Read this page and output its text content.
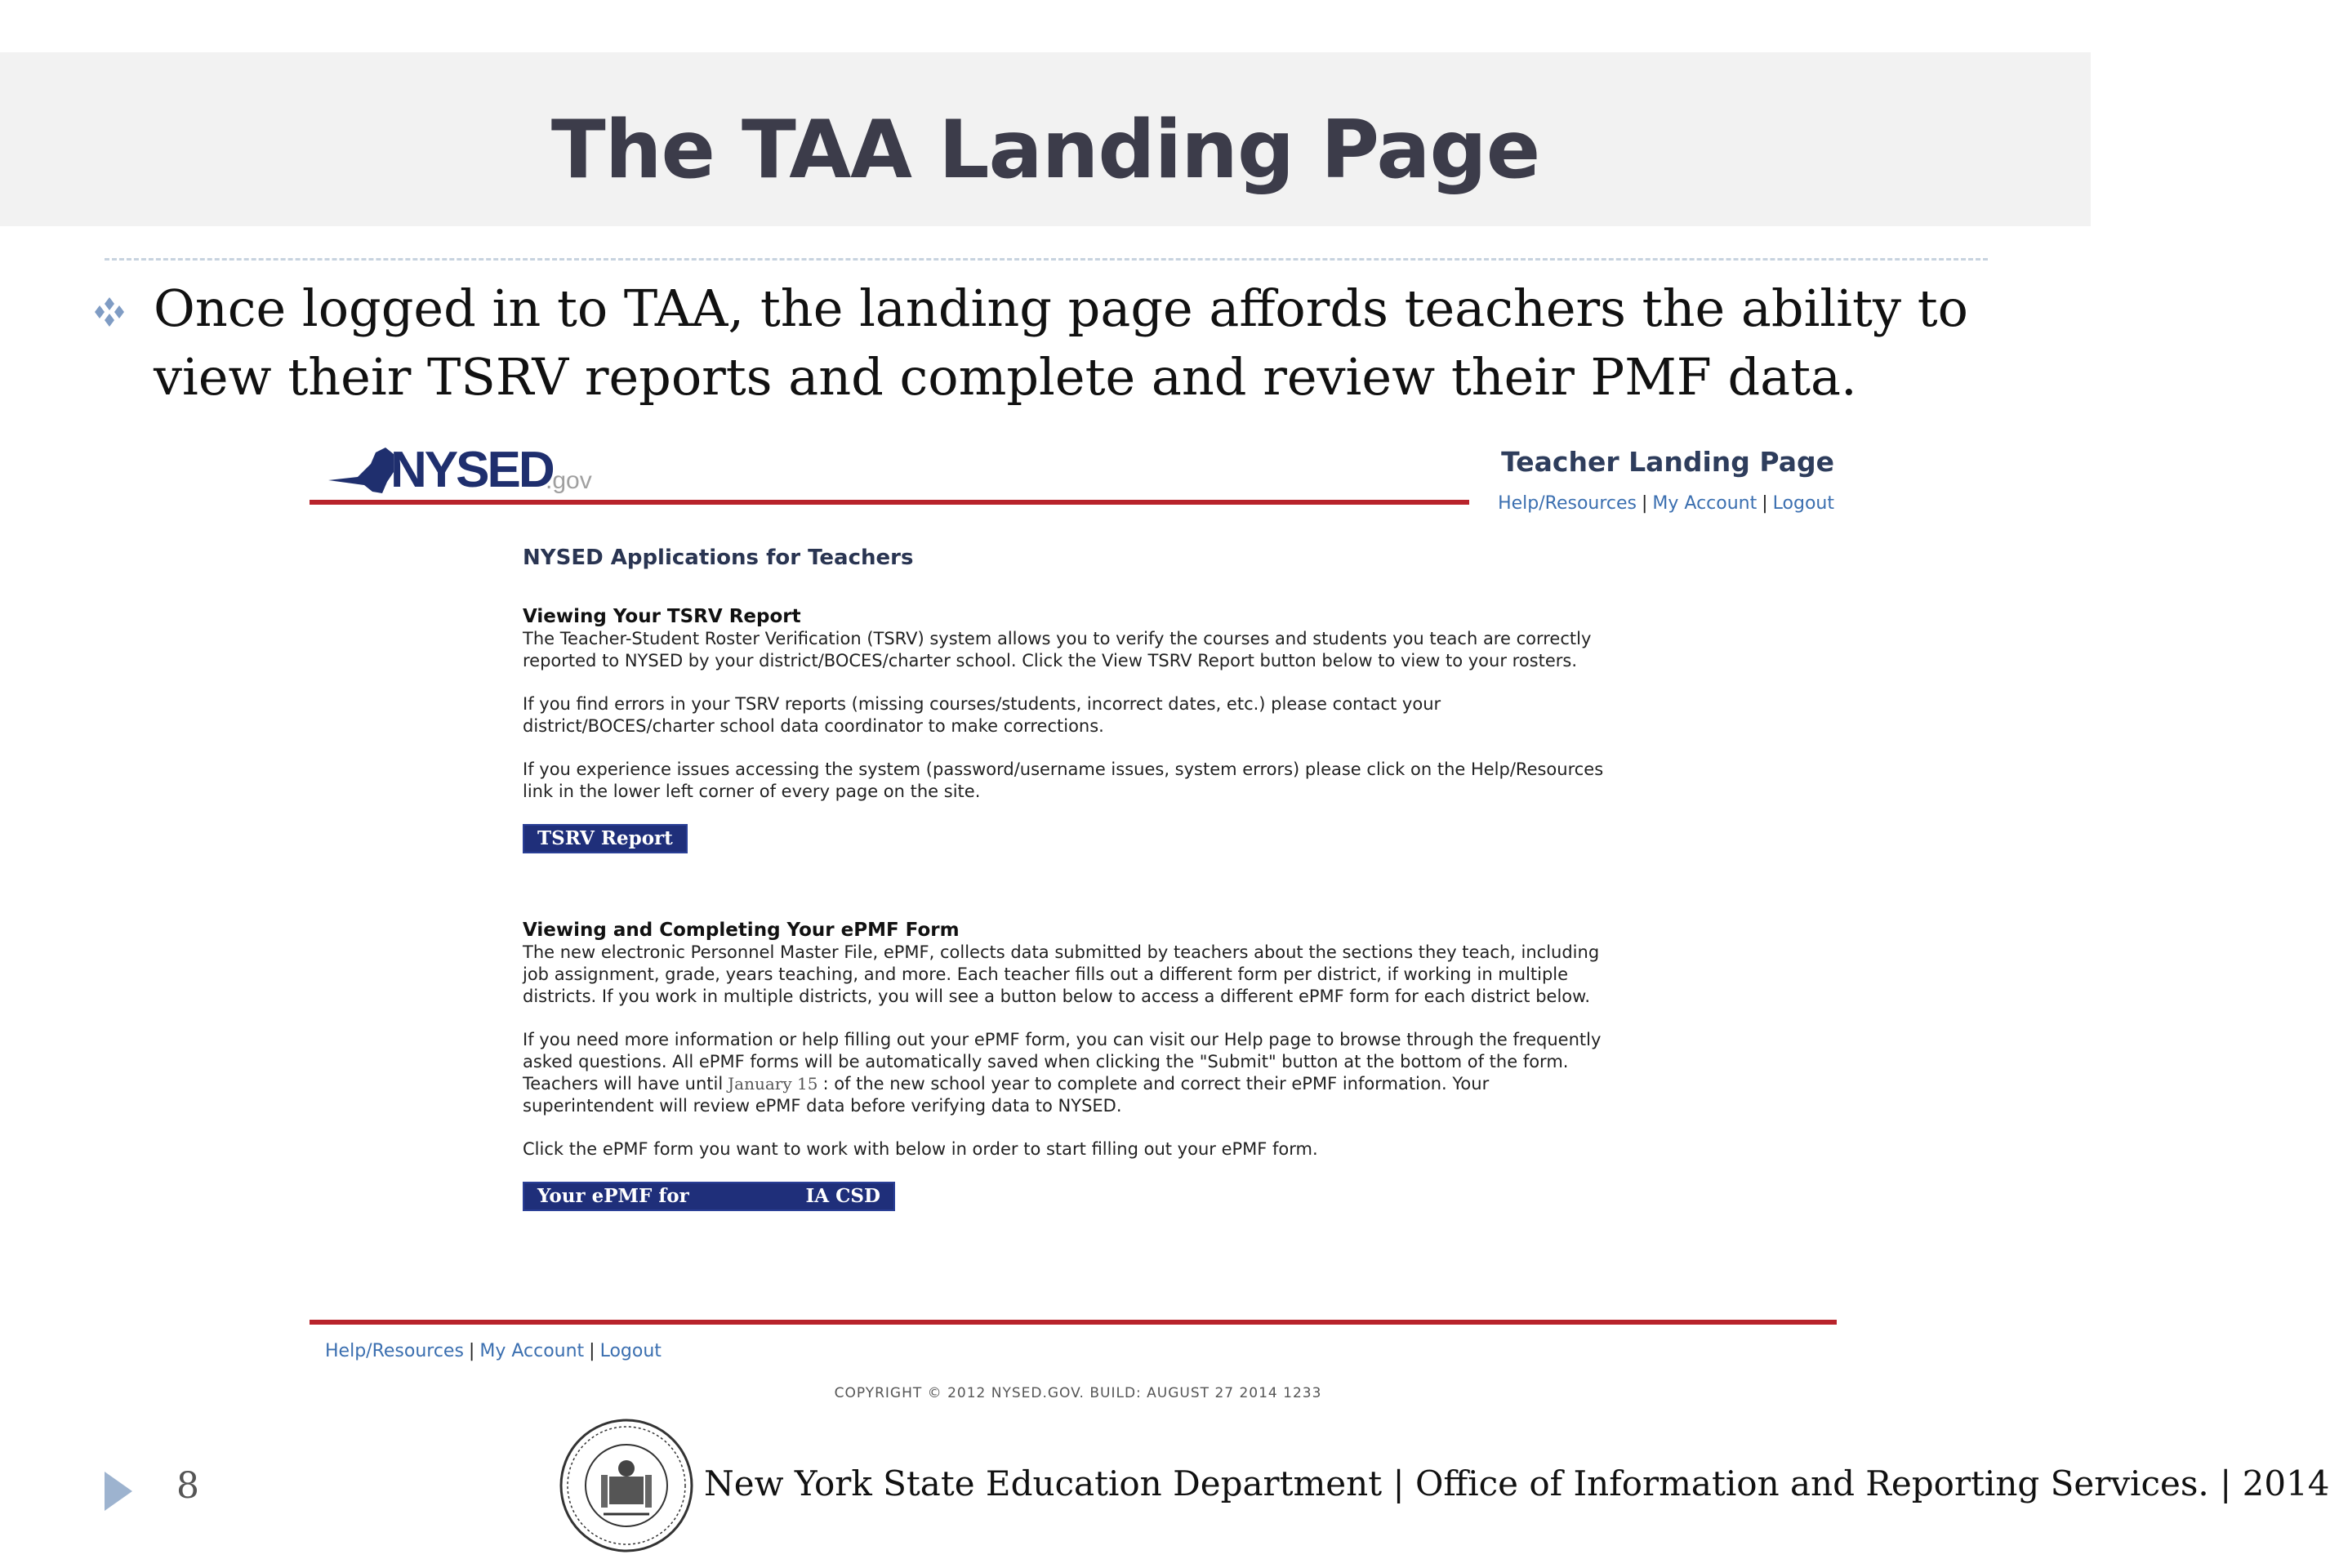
The TAA Landing Page
Once logged in to TAA, the landing page affords teachers the ability to view their TSRV reports and complete and review their PMF data.
NYSED
.gov
Teacher Landing Page
Help/Resources | My Account | Logout

NYSED Applications for Teachers

Viewing Your TSRV Report

The Teacher-Student Roster Verification (TSRV) system allows you to verify the courses and students you teach are correctly reported to NYSED by your district/BOCES/charter school. Click the View TSRV Report button below to view to your rosters.

If you find errors in your TSRV reports (missing courses/students, incorrect dates, etc.) please contact your district/BOCES/charter school data coordinator to make corrections.

If you experience issues accessing the system (password/username issues, system errors) please click on the Help/Resources link in the lower left corner of every page on the site.

TSRV Report

Viewing and Completing Your ePMF Form

The new electronic Personnel Master File, ePMF, collects data submitted by teachers about the sections they teach, including job assignment, grade, years teaching, and more. Each teacher fills out a different form per district, if working in multiple districts. If you work in multiple districts, you will see a button below to access a different ePMF form for each district below.

If you need more information or help filling out your ePMF form, you can visit our Help page to browse through the frequently asked questions. All ePMF forms will be automatically saved when clicking the "Submit" button at the bottom of the form. Teachers will have until January 15 : of the new school year to complete and correct their ePMF information. Your superintendent will review ePMF data before verifying data to NYSED.

Click the ePMF form you want to work with below in order to start filling out your ePMF form.

Your ePMF for	IA CSD
Help/Resources | My Account | Logout
COPYRIGHT © 2012 NYSED.GOV. BUILD: AUGUST 27 2014 1233
8	New York State Education Department | Office of Information and Reporting Services. | 2014
